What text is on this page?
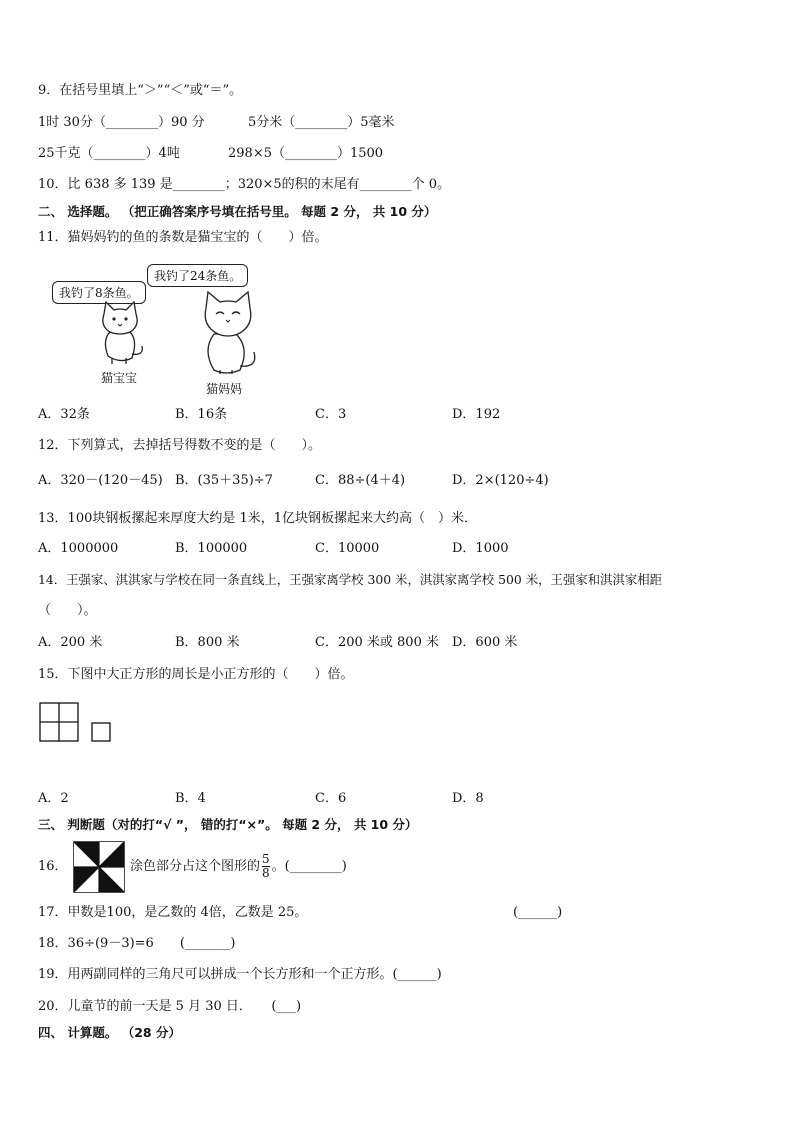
9．在括号里填上“＞”“＜”或“＝”。
1时 30分（________）90 分	5分米（________）5毫米
25千克（________）4吨	298×5（________）1500
10．比 638 多 139 是________；320×5的积的末尾有________个 0。
二、 选择题。 （把正确答案序号填在括号里。 每题 2 分， 共 10 分）
11．猫妈妈钓的鱼的条数是猫宝宝的（　　）倍。
我钓了8条鱼。
我钓了24条鱼。
猫宝宝
猫妈妈
A．32条	B．16条	C．3	D．192
12．下列算式，去掉括号得数不变的是（　　）。
A．320－(120－45) B．(35＋35)÷7	C．88÷(4＋4)	D．2×(120÷4)
13．100块钢板摞起来厚度大约是 1米，1亿块钢板摞起来大约高（　）米．
A．1000000	B．100000	C．10000	D．1000
14．王强家、淇淇家与学校在同一条直线上，王强家离学校 300 米，淇淇家离学校 500 米，王强家和淇淇家相距
（　　）。
A．200 米	B．800 米	C．200 米或 800 米 D．600 米
15．下图中大正方形的周长是小正方形的（　　）倍。
A．2	B．4	C．6	D．8
三、 判断题（对的打“√ ”， 错的打“×”。 每题 2 分， 共 10 分）
16．	涂色部分占这个图形的 $\frac{5}{8}$ 。(________)
17．甲数是100，是乙数的 4倍，乙数是 25。	(______)
18．36÷(9－3)=6　　(_______)
19．用两副同样的三角尺可以拼成一个长方形和一个正方形。(______)
20．儿童节的前一天是 5 月 30 日．　　(___)
四、 计算题。 （28 分）
